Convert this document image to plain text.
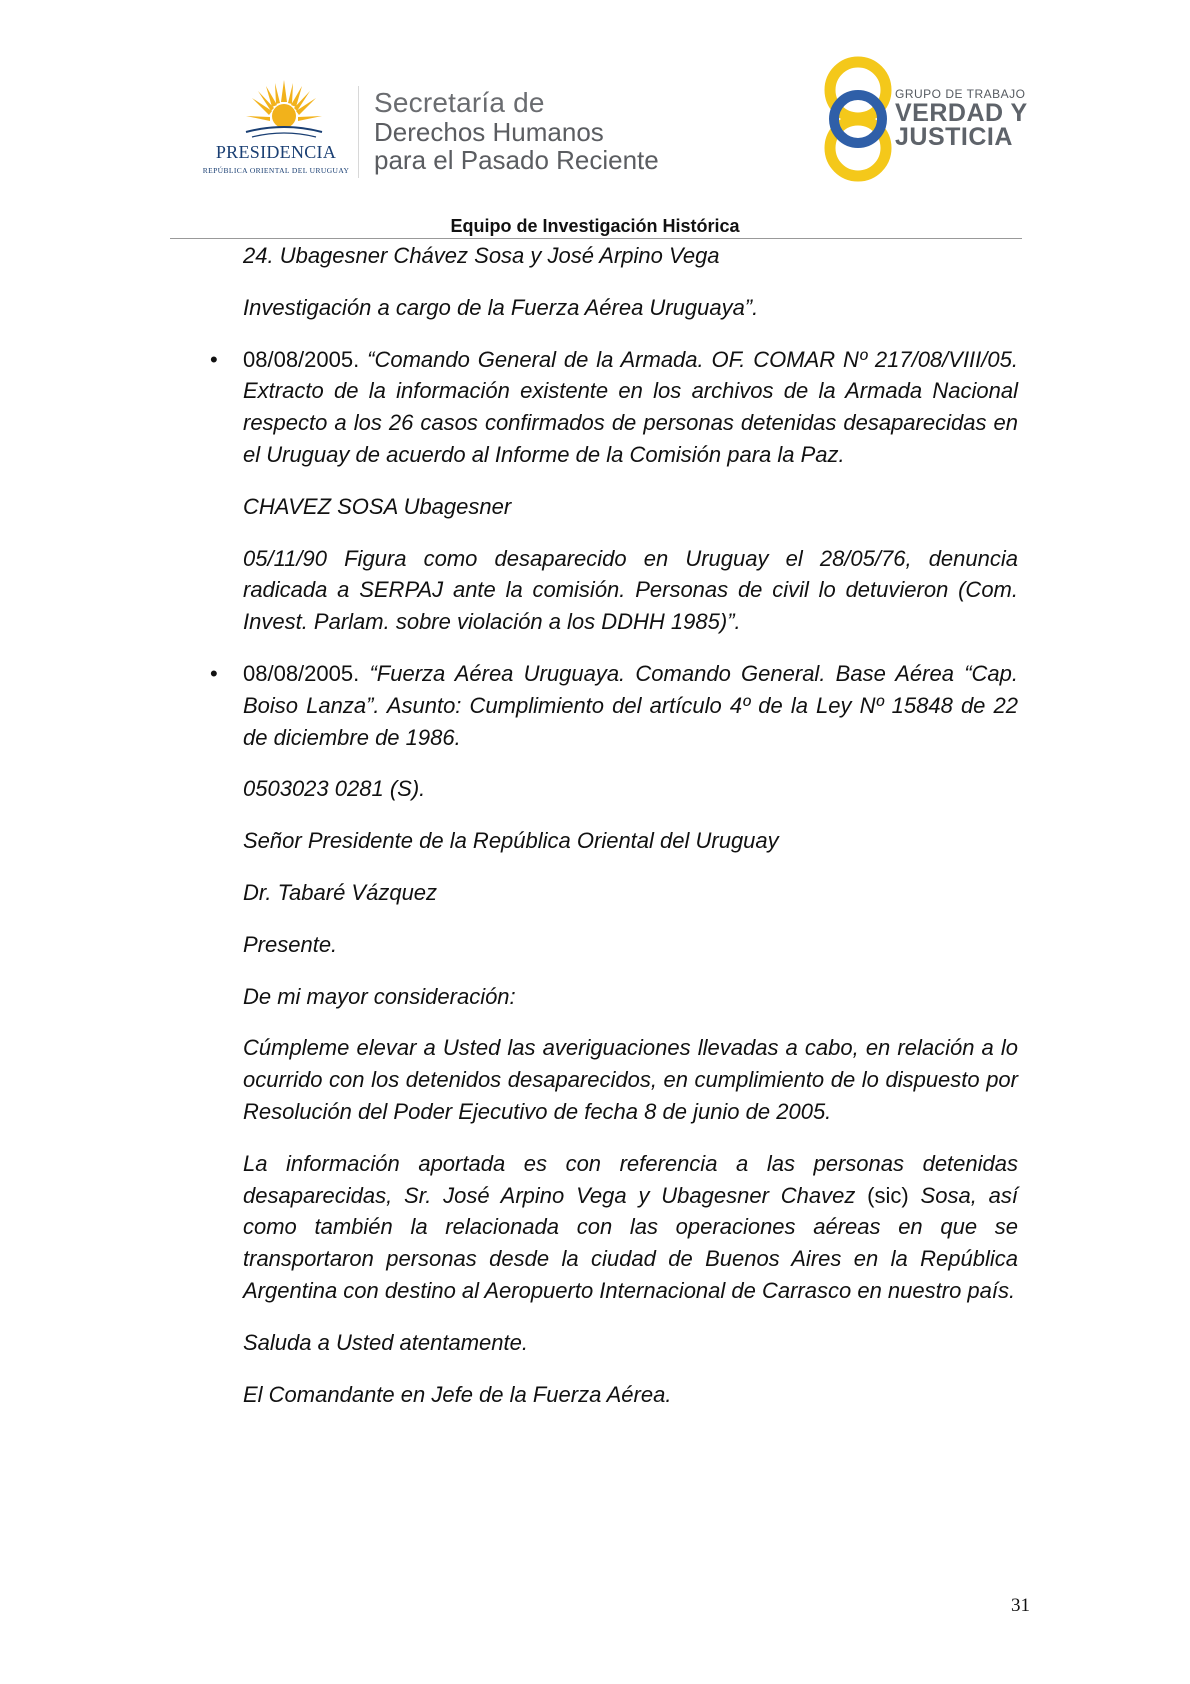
PRESIDENCIA
REPÚBLICA ORIENTAL DEL URUGUAY
Secretaría de
Derechos Humanos
para el Pasado Reciente
GRUPO DE TRABAJO
VERDAD Y
JUSTICIA
Equipo de Investigación Histórica

24. Ubagesner Chávez Sosa y José Arpino Vega

Investigación a cargo de la Fuerza Aérea Uruguaya”.

• 08/08/2005. “Comando General de la Armada. OF. COMAR Nº 217/08/VIII/05. Extracto de la información existente en los archivos de la Armada Nacional respecto a los 26 casos confirmados de personas detenidas desaparecidas en el Uruguay de acuerdo al Informe de la Comisión para la Paz.

CHAVEZ SOSA Ubagesner

05/11/90 Figura como desaparecido en Uruguay el 28/05/76, denuncia radicada a SERPAJ ante la comisión. Personas de civil lo detuvieron (Com. Invest. Parlam. sobre violación a los DDHH 1985)”.

• 08/08/2005. “Fuerza Aérea Uruguaya. Comando General. Base Aérea “Cap. Boiso Lanza”. Asunto: Cumplimiento del artículo 4º de la Ley Nº 15848 de 22 de diciembre de 1986.

0503023 0281 (S).

Señor Presidente de la República Oriental del Uruguay

Dr. Tabaré Vázquez

Presente.

De mi mayor consideración:

Cúmpleme elevar a Usted las averiguaciones llevadas a cabo, en relación a lo ocurrido con los detenidos desaparecidos, en cumplimiento de lo dispuesto por Resolución del Poder Ejecutivo de fecha 8 de junio de 2005.

La información aportada es con referencia a las personas detenidas desaparecidas, Sr. José Arpino Vega y Ubagesner Chavez (sic) Sosa, así como también la relacionada con las operaciones aéreas en que se transportaron personas desde la ciudad de Buenos Aires en la República Argentina con destino al Aeropuerto Internacional de Carrasco en nuestro país.

Saluda a Usted atentamente.

El Comandante en Jefe de la Fuerza Aérea.

31
